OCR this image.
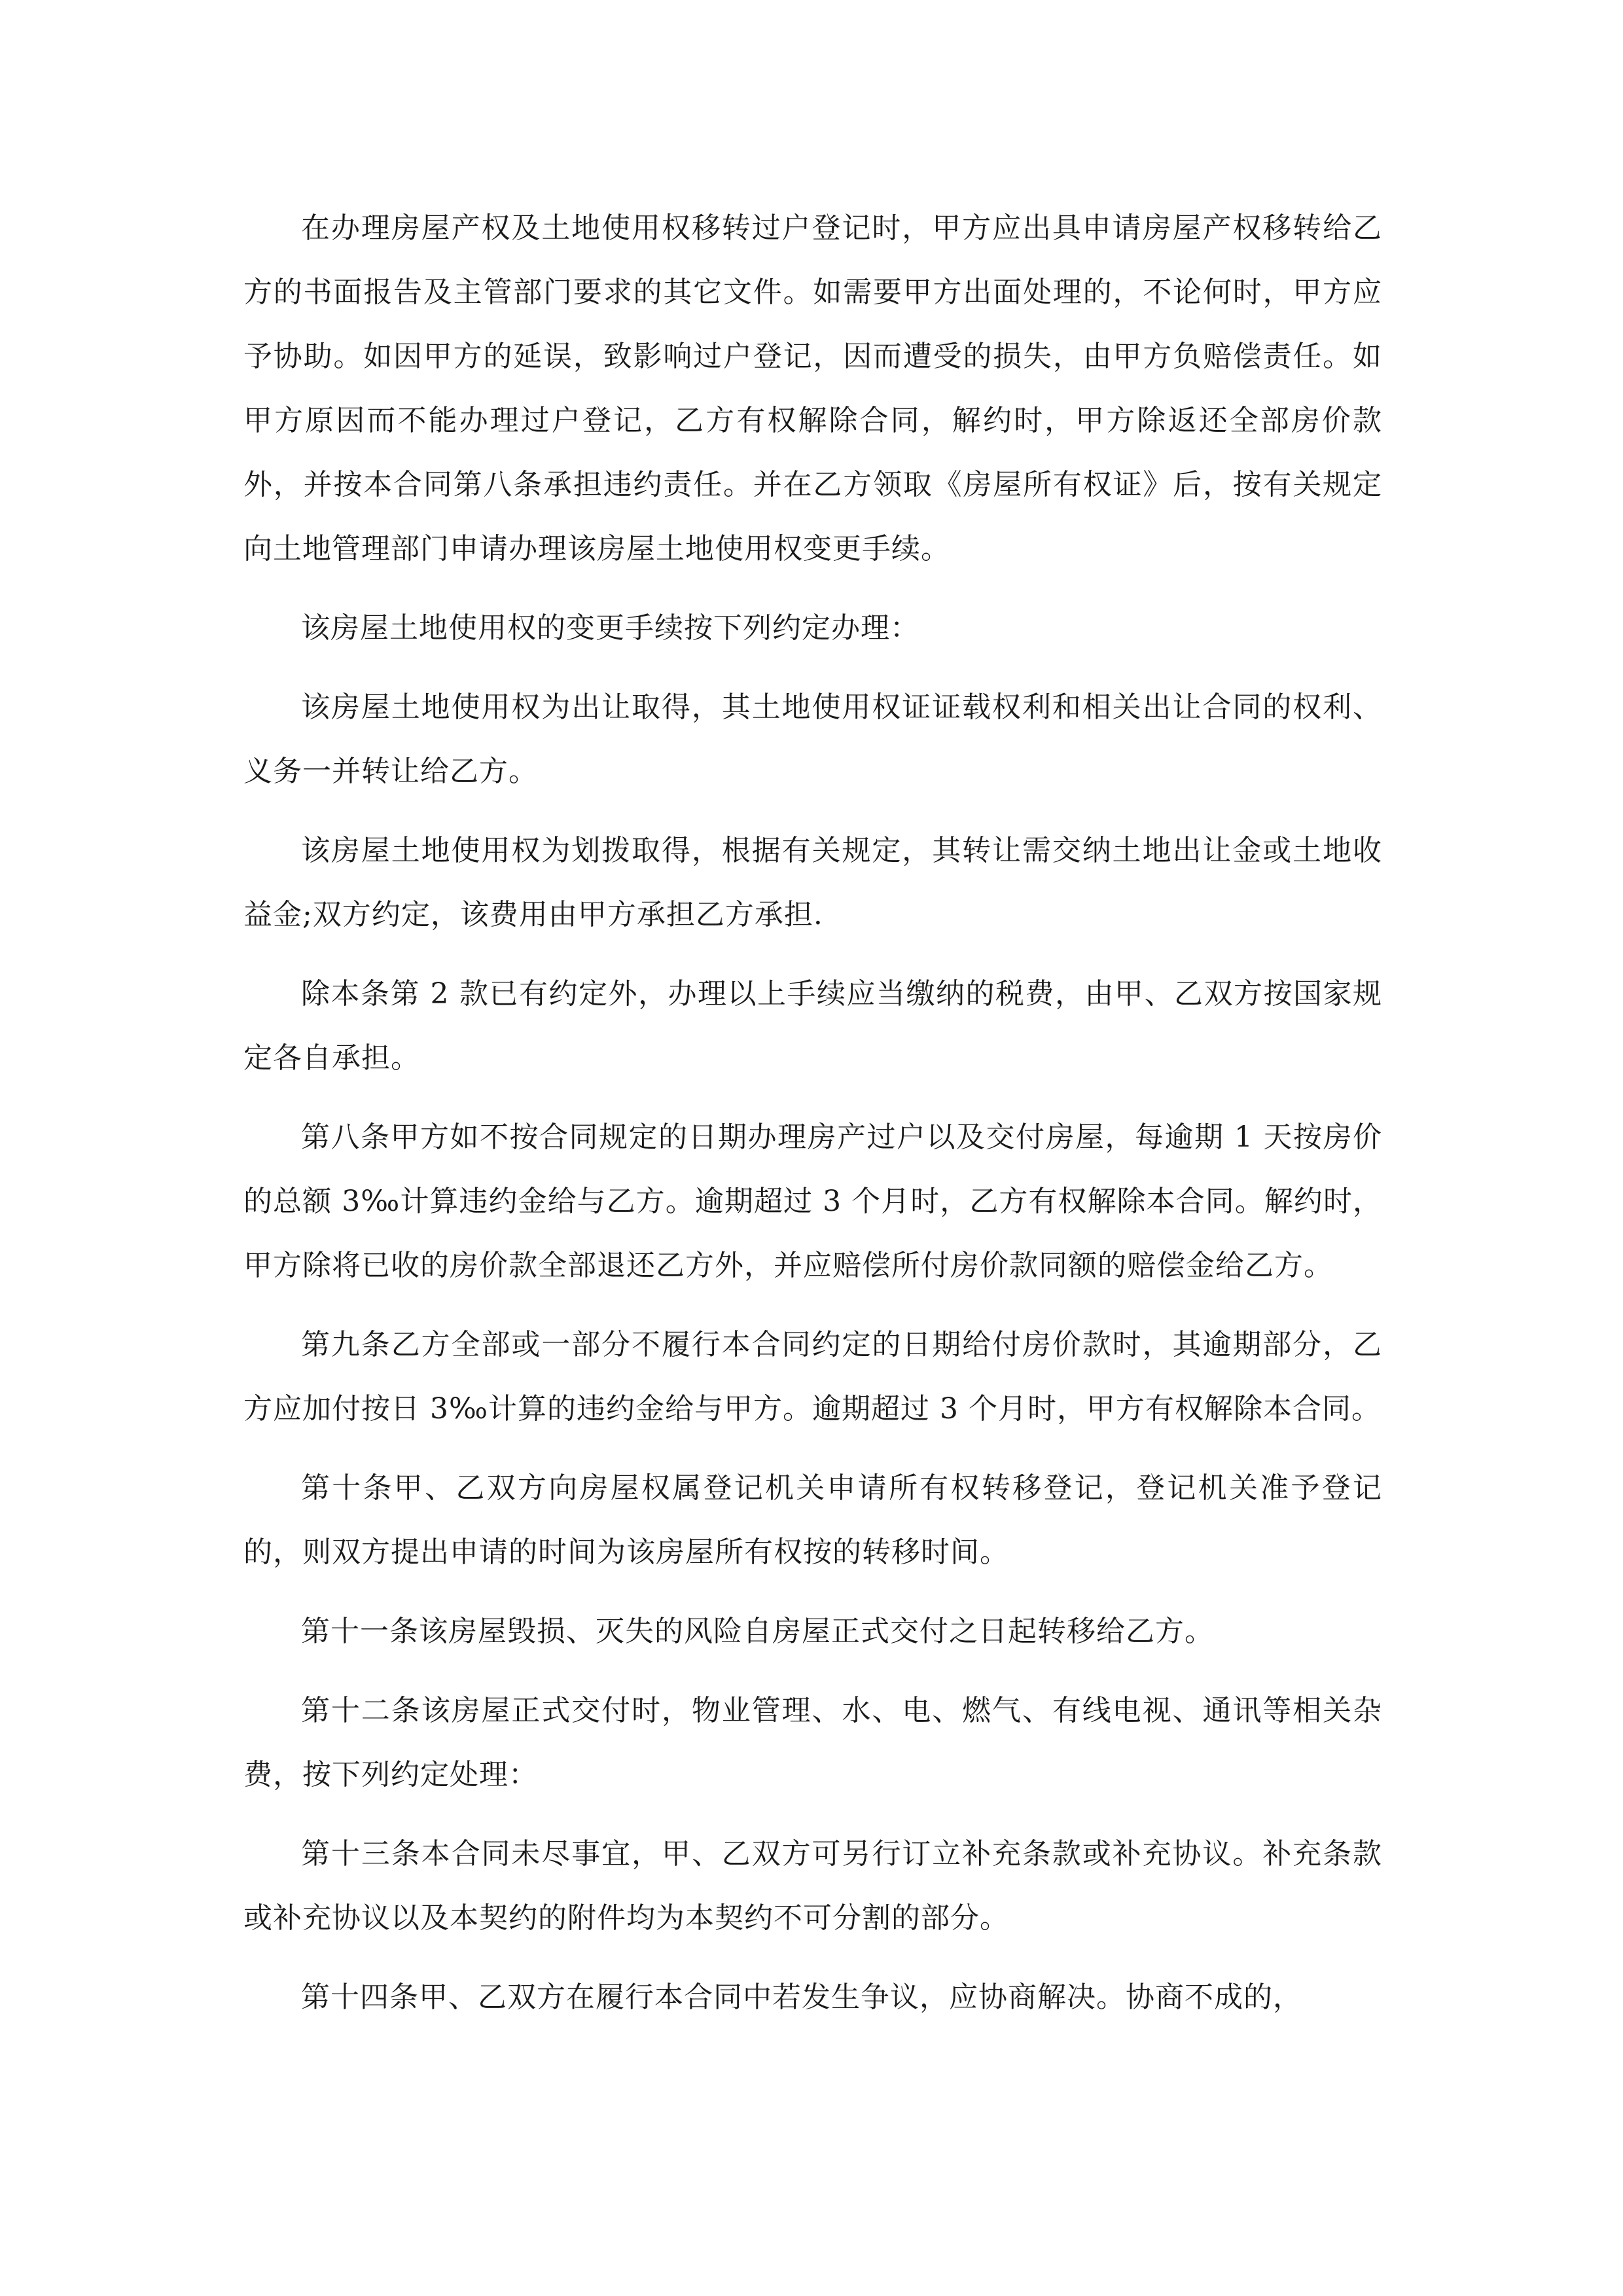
在办理房屋产权及土地使用权移转过户登记时，甲方应出具申请房屋产权移转给乙方的书面报告及主管部门要求的其它文件。如需要甲方出面处理的，不论何时，甲方应予协助。如因甲方的延误，致影响过户登记，因而遭受的损失，由甲方负赔偿责任。如甲方原因而不能办理过户登记，乙方有权解除合同，解约时，甲方除返还全部房价款外，并按本合同第八条承担违约责任。并在乙方领取《房屋所有权证》后，按有关规定向土地管理部门申请办理该房屋土地使用权变更手续。

该房屋土地使用权的变更手续按下列约定办理：

该房屋土地使用权为出让取得，其土地使用权证证载权利和相关出让合同的权利、义务一并转让给乙方。

该房屋土地使用权为划拨取得，根据有关规定，其转让需交纳土地出让金或土地收益金;双方约定，该费用由甲方承担乙方承担.

除本条第 2 款已有约定外，办理以上手续应当缴纳的税费，由甲、乙双方按国家规定各自承担。

第八条甲方如不按合同规定的日期办理房产过户以及交付房屋，每逾期 1 天按房价的总额 3‰计算违约金给与乙方。逾期超过 3 个月时，乙方有权解除本合同。解约时，甲方除将已收的房价款全部退还乙方外，并应赔偿所付房价款同额的赔偿金给乙方。

第九条乙方全部或一部分不履行本合同约定的日期给付房价款时，其逾期部分，乙方应加付按日 3‰计算的违约金给与甲方。逾期超过 3 个月时，甲方有权解除本合同。

第十条甲、乙双方向房屋权属登记机关申请所有权转移登记，登记机关准予登记的，则双方提出申请的时间为该房屋所有权按的转移时间。

第十一条该房屋毁损、灭失的风险自房屋正式交付之日起转移给乙方。

第十二条该房屋正式交付时，物业管理、水、电、燃气、有线电视、通讯等相关杂费，按下列约定处理：

第十三条本合同未尽事宜，甲、乙双方可另行订立补充条款或补充协议。补充条款或补充协议以及本契约的附件均为本契约不可分割的部分。

第十四条甲、乙双方在履行本合同中若发生争议，应协商解决。协商不成的，
